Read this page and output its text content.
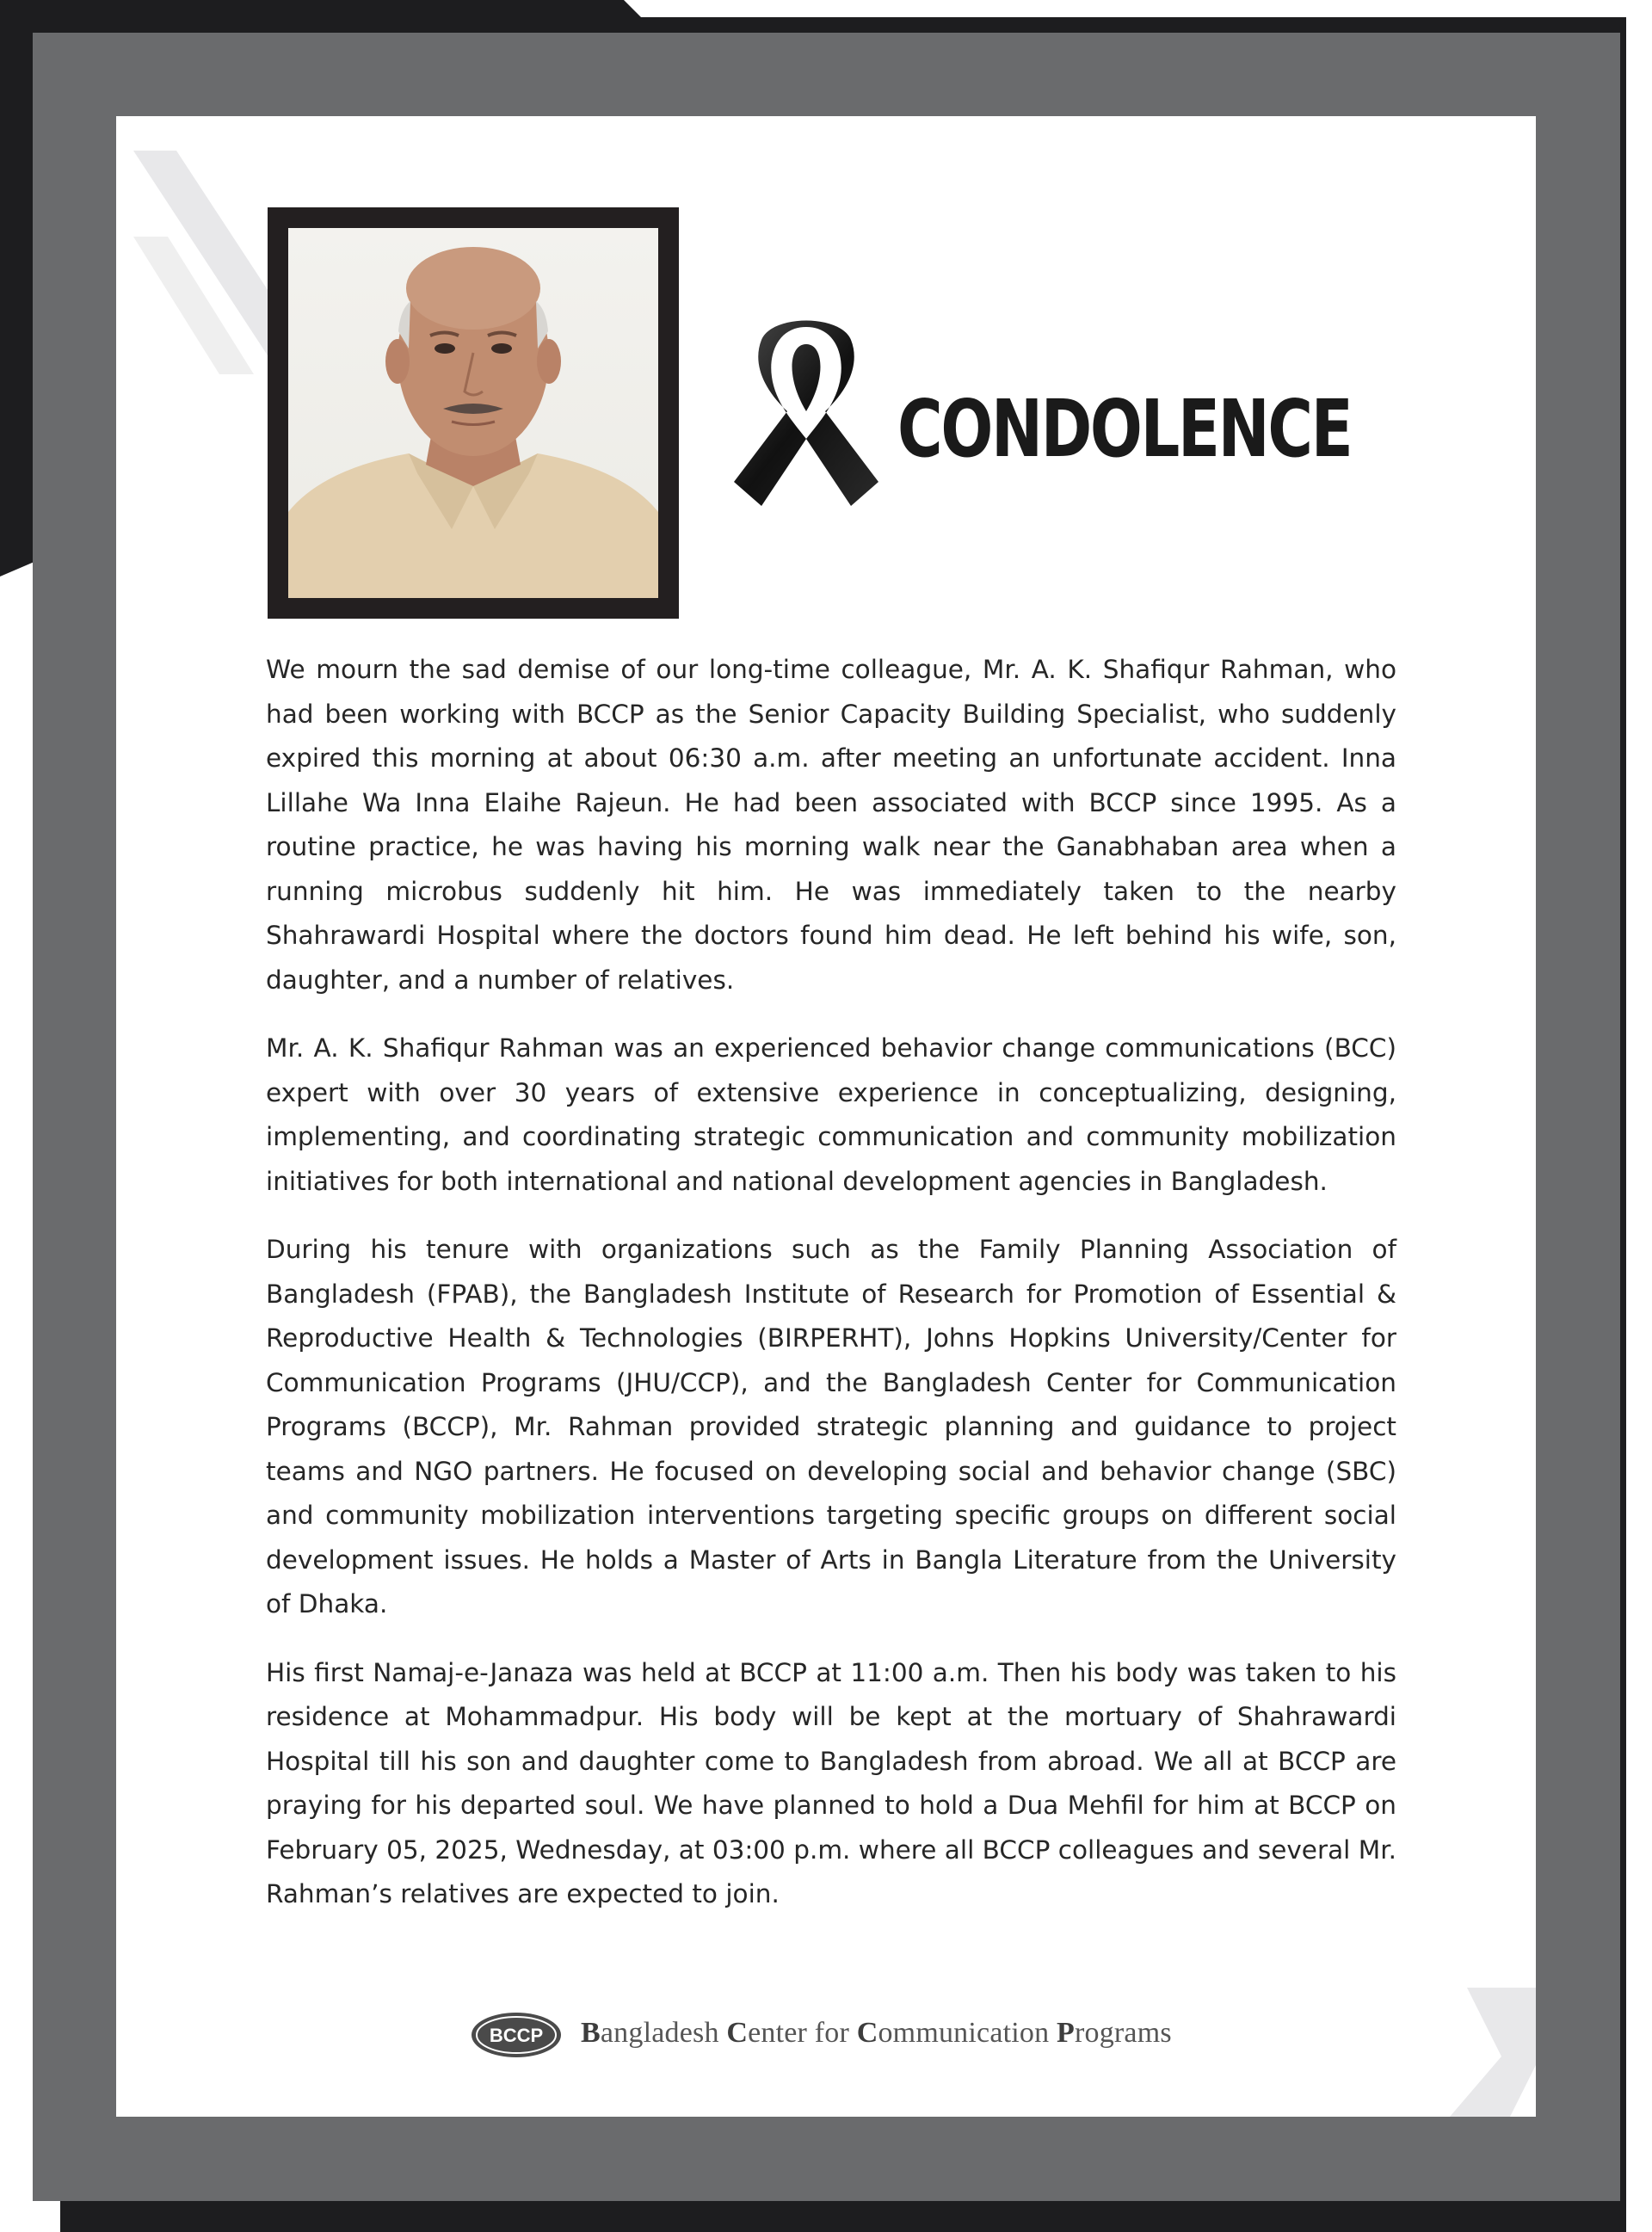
CONDOLENCE

We mourn the sad demise of our long-time colleague, Mr. A. K. Shafiqur Rahman, who had been working with BCCP as the Senior Capacity Building Specialist, who suddenly expired this morning at about 06:30 a.m. after meeting an unfortunate accident. Inna Lillahe Wa Inna Elaihe Rajeun. He had been associated with BCCP since 1995. As a routine practice, he was having his morning walk near the Ganabhaban area when a running microbus suddenly hit him. He was immediately taken to the nearby Shahrawardi Hospital where the doctors found him dead. He left behind his wife, son, daughter, and a number of relatives.

Mr. A. K. Shafiqur Rahman was an experienced behavior change communications (BCC) expert with over 30 years of extensive experience in conceptualizing, designing, implementing, and coordinating strategic communication and community mobilization initiatives for both international and national development agencies in Bangladesh.

During his tenure with organizations such as the Family Planning Association of Bangladesh (FPAB), the Bangladesh Institute of Research for Promotion of Essential & Reproductive Health & Technologies (BIRPERHT), Johns Hopkins University/Center for Communication Programs (JHU/CCP), and the Bangladesh Center for Communication Programs (BCCP), Mr. Rahman provided strategic planning and guidance to project teams and NGO partners. He focused on developing social and behavior change (SBC) and community mobilization interventions targeting specific groups on different social development issues. He holds a Master of Arts in Bangla Literature from the University of Dhaka.

His first Namaj-e-Janaza was held at BCCP at 11:00 a.m. Then his body was taken to his residence at Mohammadpur. His body will be kept at the mortuary of Shahrawardi Hospital till his son and daughter come to Bangladesh from abroad. We all at BCCP are praying for his departed soul. We have planned to hold a Dua Mehfil for him at BCCP on February 05, 2025, Wednesday, at 03:00 p.m. where all BCCP colleagues and several Mr. Rahman’s relatives are expected to join.

BCCP Bangladesh Center for Communication Programs
